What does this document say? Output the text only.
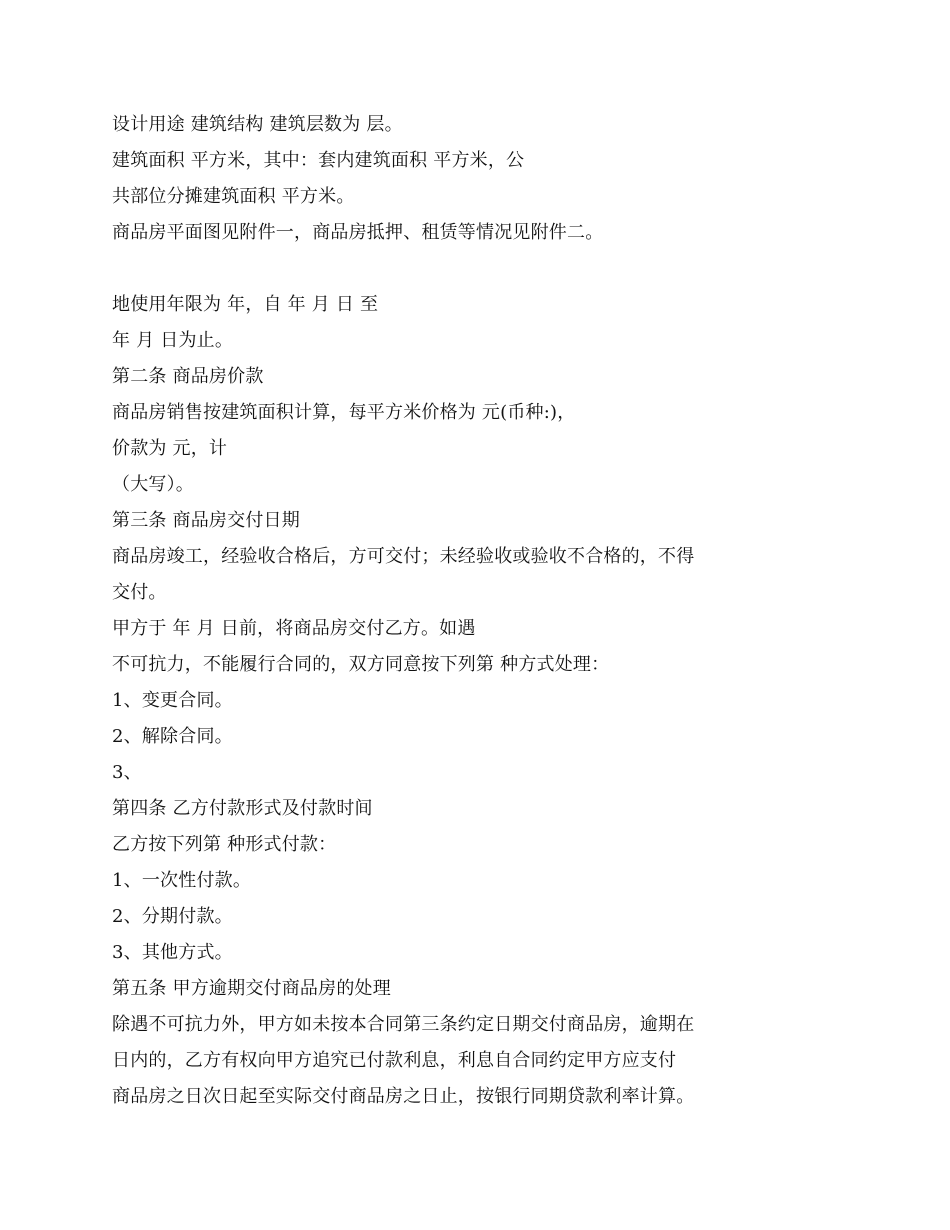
设计用途 建筑结构 建筑层数为 层。
建筑面积 平方米，其中：套内建筑面积 平方米，公
共部位分摊建筑面积 平方米。
商品房平面图见附件一，商品房抵押、租赁等情况见附件二。
地使用年限为 年，自 年 月 日 至
年 月 日为止。
第二条 商品房价款
商品房销售按建筑面积计算，每平方米价格为 元(币种:)，
价款为 元，计
（大写）。
第三条 商品房交付日期
商品房竣工，经验收合格后，方可交付；未经验收或验收不合格的，不得
交付。
甲方于 年 月 日前，将商品房交付乙方。如遇
不可抗力，不能履行合同的，双方同意按下列第 种方式处理：
1、变更合同。
2、解除合同。
3、
第四条 乙方付款形式及付款时间
乙方按下列第 种形式付款：
1、一次性付款。
2、分期付款。
3、其他方式。
第五条 甲方逾期交付商品房的处理
除遇不可抗力外，甲方如未按本合同第三条约定日期交付商品房，逾期在
日内的，乙方有权向甲方追究已付款利息，利息自合同约定甲方应支付
商品房之日次日起至实际交付商品房之日止，按银行同期贷款利率计算。
